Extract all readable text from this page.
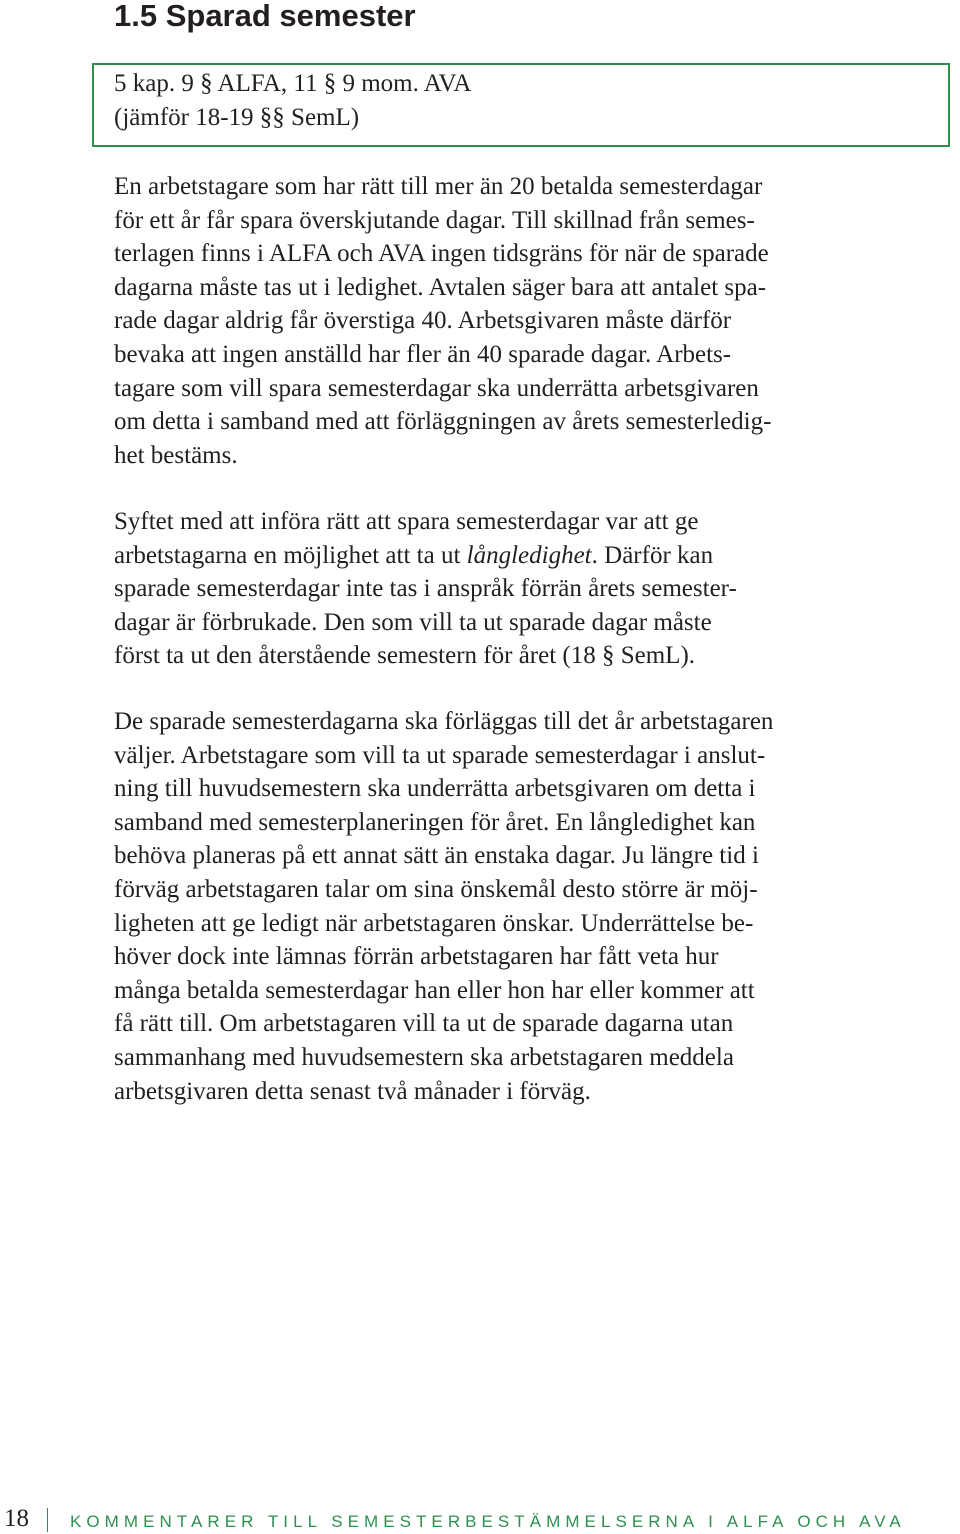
1.5 Sparad semester
5 kap. 9 § ALFA, 11 § 9 mom. AVA
(jämför 18-19 §§ SemL)

En arbetstagare som har rätt till mer än 20 betalda semesterdagar
för ett år får spara överskjutande dagar. Till skillnad från semes-
terlagen finns i ALFA och AVA ingen tidsgräns för när de sparade
dagarna måste tas ut i ledighet. Avtalen säger bara att antalet spa-
rade dagar aldrig får överstiga 40. Arbetsgivaren måste därför
bevaka att ingen anställd har fler än 40 sparade dagar. Arbets-
tagare som vill spara semesterdagar ska underrätta arbetsgivaren
om detta i samband med att förläggningen av årets semesterledig-
het bestäms.

Syftet med att införa rätt att spara semesterdagar var att ge
arbetstagarna en möjlighet att ta ut långledighet. Därför kan
sparade semesterdagar inte tas i anspråk förrän årets semester-
dagar är förbrukade. Den som vill ta ut sparade dagar måste
först ta ut den återstående semestern för året (18 § SemL).

De sparade semesterdagarna ska förläggas till det år arbetstagaren
väljer. Arbetstagare som vill ta ut sparade semesterdagar i anslut-
ning till huvudsemestern ska underrätta arbetsgivaren om detta i
samband med semesterplaneringen för året. En långledighet kan
behöva planeras på ett annat sätt än enstaka dagar. Ju längre tid i
förväg arbetstagaren talar om sina önskemål desto större är möj-
ligheten att ge ledigt när arbetstagaren önskar. Underrättelse be-
höver dock inte lämnas förrän arbetstagaren har fått veta hur
många betalda semesterdagar han eller hon har eller kommer att
få rätt till. Om arbetstagaren vill ta ut de sparade dagarna utan
sammanhang med huvudsemestern ska arbetstagaren meddela
arbetsgivaren detta senast två månader i förväg.

18 KOMMENTARER TILL SEMESTERBESTÄMMELSERNA I ALFA OCH AVA
